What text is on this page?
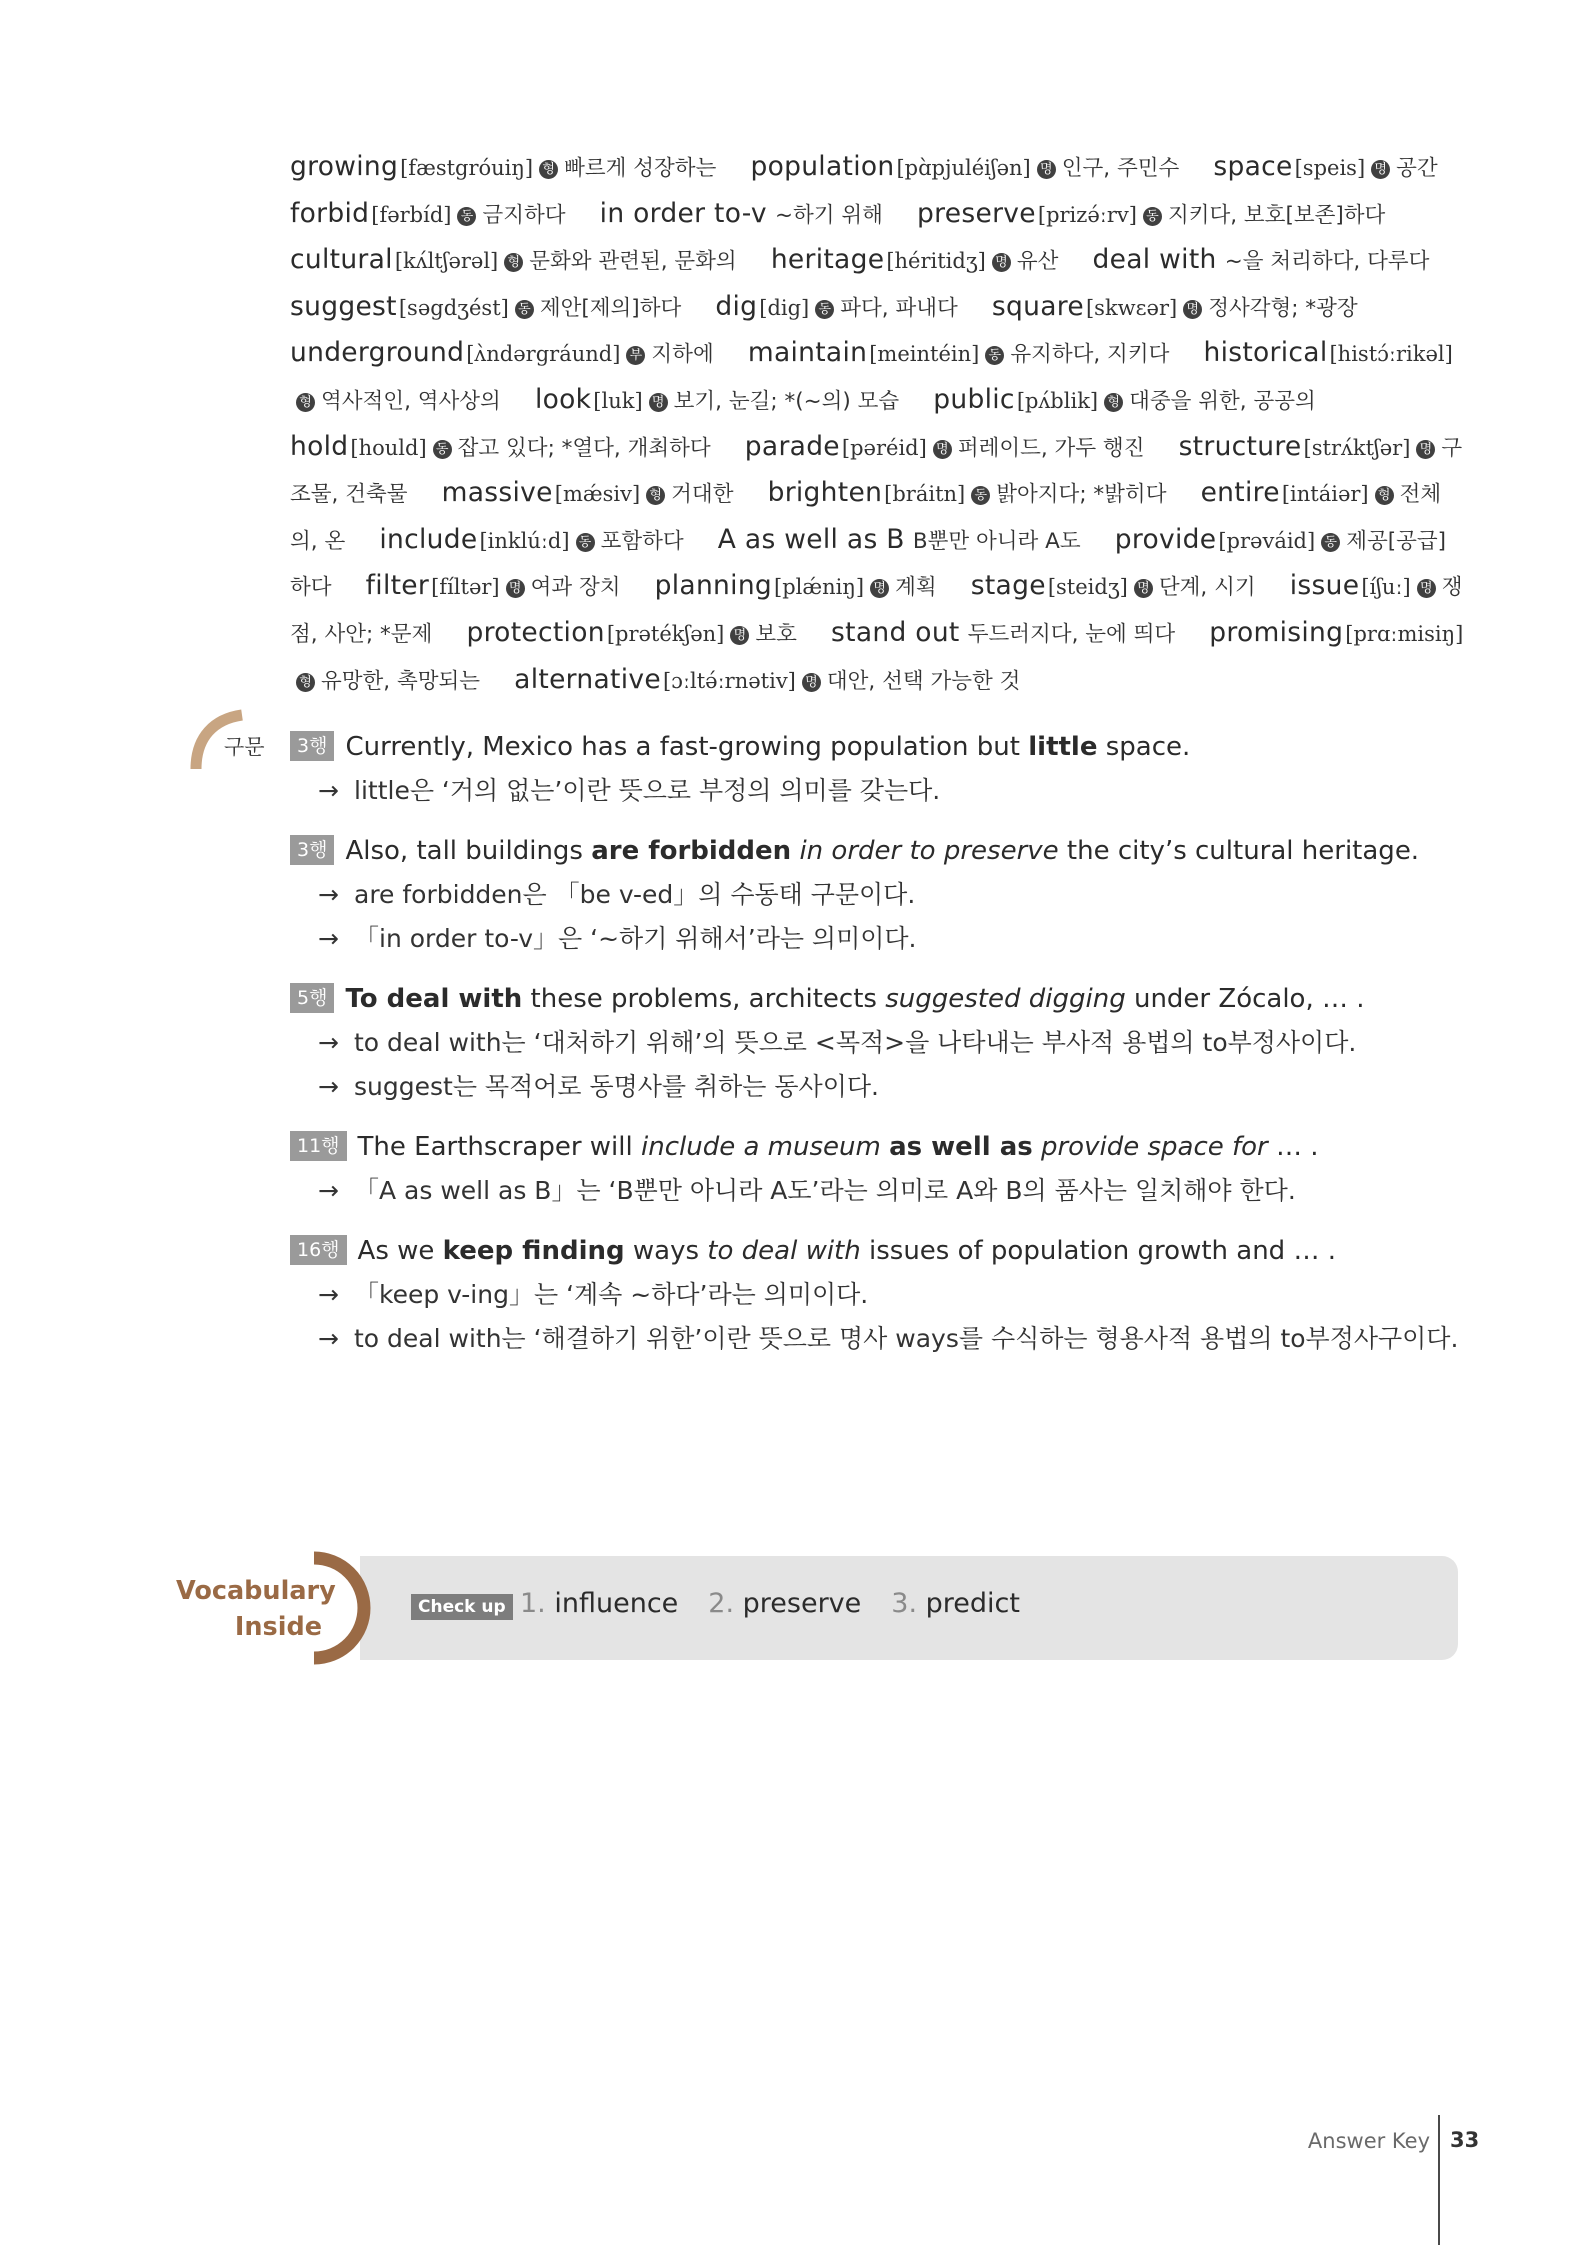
growing[fæstgróuiŋ] 형 빠르게 성장하는 population[pɑ̀pjuléiʃən] 명 인구, 주민수 space[speis] 명 공간 forbid[fərbíd] 동 금지하다 in order to-v ~하기 위해 preserve[prizə́ːrv] 동 지키다, 보호[보존]하다 cultural[kʌ́ltʃərəl] 형 문화와 관련된, 문화의 heritage[héritidʒ] 명 유산 deal with ~을 처리하다, 다루다 suggest[səgdʒést] 동 제안[제의]하다 dig[dig] 동 파다, 파내다 square[skwɛər] 명 정사각형; *광장 underground[ʌ̀ndərgráund] 부 지하에 maintain[meintéin] 동 유지하다, 지키다 historical[histɔ́ːrikəl]형 역사적인, 역사상의 look[luk] 명 보기, 눈길; *(~의) 모습 public[pʌ́blik] 형 대중을 위한, 공공의 hold[hould] 동 잡고 있다; *열다, 개최하다 parade[pəréid] 명 퍼레이드, 가두 행진 structure[strʌ́ktʃər] 명 구조물, 건축물 massive[mǽsiv] 형 거대한 brighten[bráitn] 동 밝아지다; *밝히다 entire[intáiər] 형 전체의, 온 include[inklúːd] 동 포함하다 A as well as B B뿐만 아니라 A도 provide[prəváid] 동 제공[공급]하다 filter[fíltər] 명 여과 장치 planning[plǽniŋ] 명 계획 stage[steidʒ] 명 단계, 시기 issue[íʃuː] 명 쟁점, 사안; *문제 protection[prətékʃən] 명 보호 stand out 두드러지다, 눈에 띄다 promising[prɑːmisiŋ]형 유망한, 촉망되는 alternative[ɔːltə́ːrnətiv] 명 대안, 선택 가능한 것
구문	3행 Currently, Mexico has a fast-growing population but little space.
→ little은 ‘거의 없는’이란 뜻으로 부정의 의미를 갖는다.
3행 Also, tall buildings are forbidden in order to preserve the city’s cultural heritage.
→ are forbidden은 「be v-ed」의 수동태 구문이다.
→ 「in order to-v」은 ‘~하기 위해서’라는 의미이다.
5행 To deal with these problems, architects suggested digging under Zócalo, … .
→ to deal with는 ‘대처하기 위해’의 뜻으로 <목적>을 나타내는 부사적 용법의 to부정사이다.
→ suggest는 목적어로 동명사를 취하는 동사이다.
11행 The Earthscraper will include a museum as well as provide space for … .
→ 「A as well as B」는 ‘B뿐만 아니라 A도’라는 의미로 A와 B의 품사는 일치해야 한다.
16행 As we keep finding ways to deal with issues of population growth and … .
→ 「keep v-ing」는 ‘계속 ~하다’라는 의미이다.
→ to deal with는 ‘해결하기 위한’이란 뜻으로 명사 ways를 수식하는 형용사적 용법의 to부정사구이다.
Vocabulary
Inside
Check up 1. influence 2. preserve 3. predict
Answer Key 33
